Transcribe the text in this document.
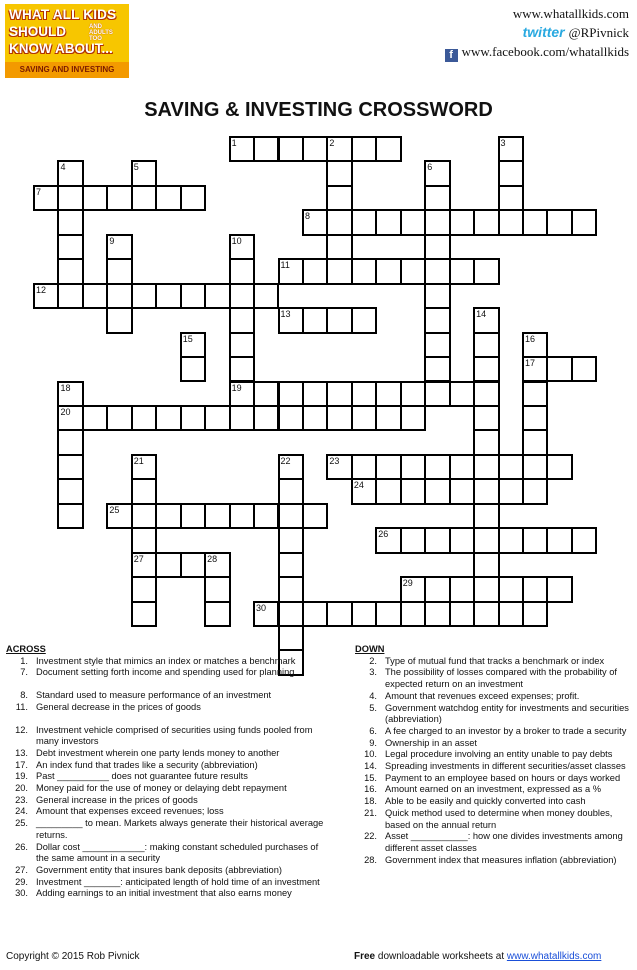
WHAT ALL KIDS
SHOULD	AND ADULTS TOO
KNOW ABOUT...
SAVING AND INVESTING
www.whatallkids.com
twitter @RPivnick
f www.facebook.com/whatallkids
SAVING & INVESTING CROSSWORD
1	2	3
4	5	6
7
8
9	10
11
12
13	14
15	16
17
18	19
20
21	22	23
24
25
26
27	28
29
30
ACROSS
1. Investment style that mimics an index or matches a benchmark
7. Document setting forth income and spending used for planning
8. Standard used to measure performance of an investment
11. General decrease in the prices of goods
12. Investment vehicle comprised of securities using funds pooled from many investors
13. Debt investment wherein one party lends money to another
17. An index fund that trades like a security (abbreviation)
19. Past __________ does not guarantee future results
20. Money paid for the use of money or delaying debt repayment
23. General increase in the prices of goods
24. Amount that expenses exceed revenues; loss
25. _________ to mean. Markets always generate their historical average returns.
26. Dollar cost ____________: making constant scheduled purchases of the same amount in a security
27. Government entity that insures bank deposits (abbreviation)
29. Investment _______: anticipated length of hold time of an investment
30. Adding earnings to an initial investment that also earns money
DOWN
2. Type of mutual fund that tracks a benchmark or index
3. The possibility of losses compared with the probability of expected return on an investment
4. Amount that revenues exceed expenses; profit.
5. Government watchdog entity for investments and securities (abbreviation)
6. A fee charged to an investor by a broker to trade a security
9. Ownership in an asset
10. Legal procedure involving an entity unable to pay debts
14. Spreading investments in different securities/asset classes
15. Payment to an employee based on hours or days worked
16. Amount earned on an investment, expressed as a %
18. Able to be easily and quickly converted into cash
21. Quick method used to determine when money doubles, based on the annual return
22. Asset ___________: how one divides investments among different asset classes
28. Government index that measures inflation (abbreviation)
Copyright © 2015 Rob Pivnick	Free downloadable worksheets at www.whatallkids.com
